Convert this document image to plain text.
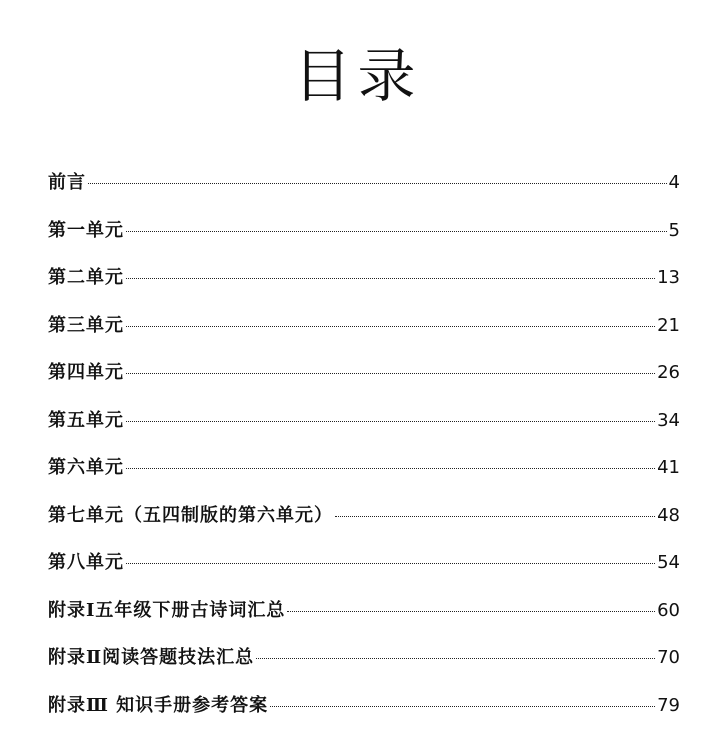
目录
前言	4
第一单元	5
第二单元	13
第三单元	21
第四单元	26
第五单元	34
第六单元	41
第七单元（五四制版的第六单元）	48
第八单元	54
附录Ⅰ五年级下册古诗词汇总	60
附录Ⅱ阅读答题技法汇总	70
附录Ⅲ 知识手册参考答案	79
